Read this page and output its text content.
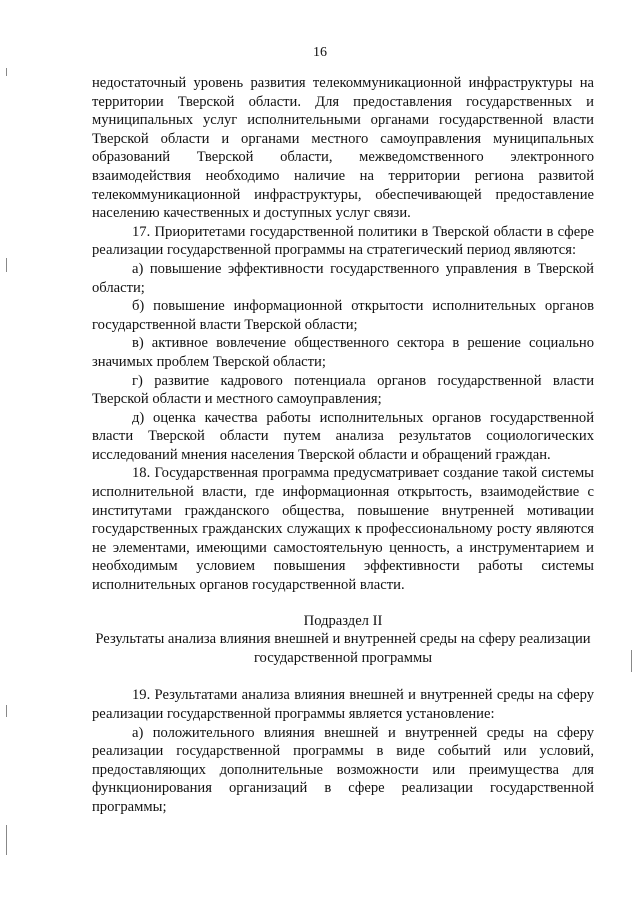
16

недостаточный уровень развития телекоммуникационной инфраструктуры на территории Тверской области. Для предоставления государственных и муниципальных услуг исполнительными органами государственной власти Тверской области и органами местного самоуправления муниципальных образований Тверской области, межведомственного электронного взаимодействия необходимо наличие на территории региона развитой телекоммуникационной инфраструктуры, обеспечивающей предоставление населению качественных и доступных услуг связи.

17. Приоритетами государственной политики в Тверской области в сфере реализации государственной программы на стратегический период являются:

а) повышение эффективности государственного управления в Тверской области;

б) повышение информационной открытости исполнительных органов государственной власти Тверской области;

в) активное вовлечение общественного сектора в решение социально значимых проблем Тверской области;

г) развитие кадрового потенциала органов государственной власти Тверской области и местного самоуправления;

д) оценка качества работы исполнительных органов государственной власти Тверской области путем анализа результатов социологических исследований мнения населения Тверской области и обращений граждан.

18. Государственная программа предусматривает создание такой системы исполнительной власти, где информационная открытость, взаимодействие с институтами гражданского общества, повышение внутренней мотивации государственных гражданских служащих к профессиональному росту являются не элементами, имеющими самостоятельную ценность, а инструментарием и необходимым условием повышения эффективности работы системы исполнительных органов государственной власти.

Подраздел II

Результаты анализа влияния внешней и внутренней среды на сферу реализации государственной программы

19. Результатами анализа влияния внешней и внутренней среды на сферу реализации государственной программы является установление:

а) положительного влияния внешней и внутренней среды на сферу реализации государственной программы в виде событий или условий, предоставляющих дополнительные возможности или преимущества для функционирования организаций в сфере реализации государственной программы;
